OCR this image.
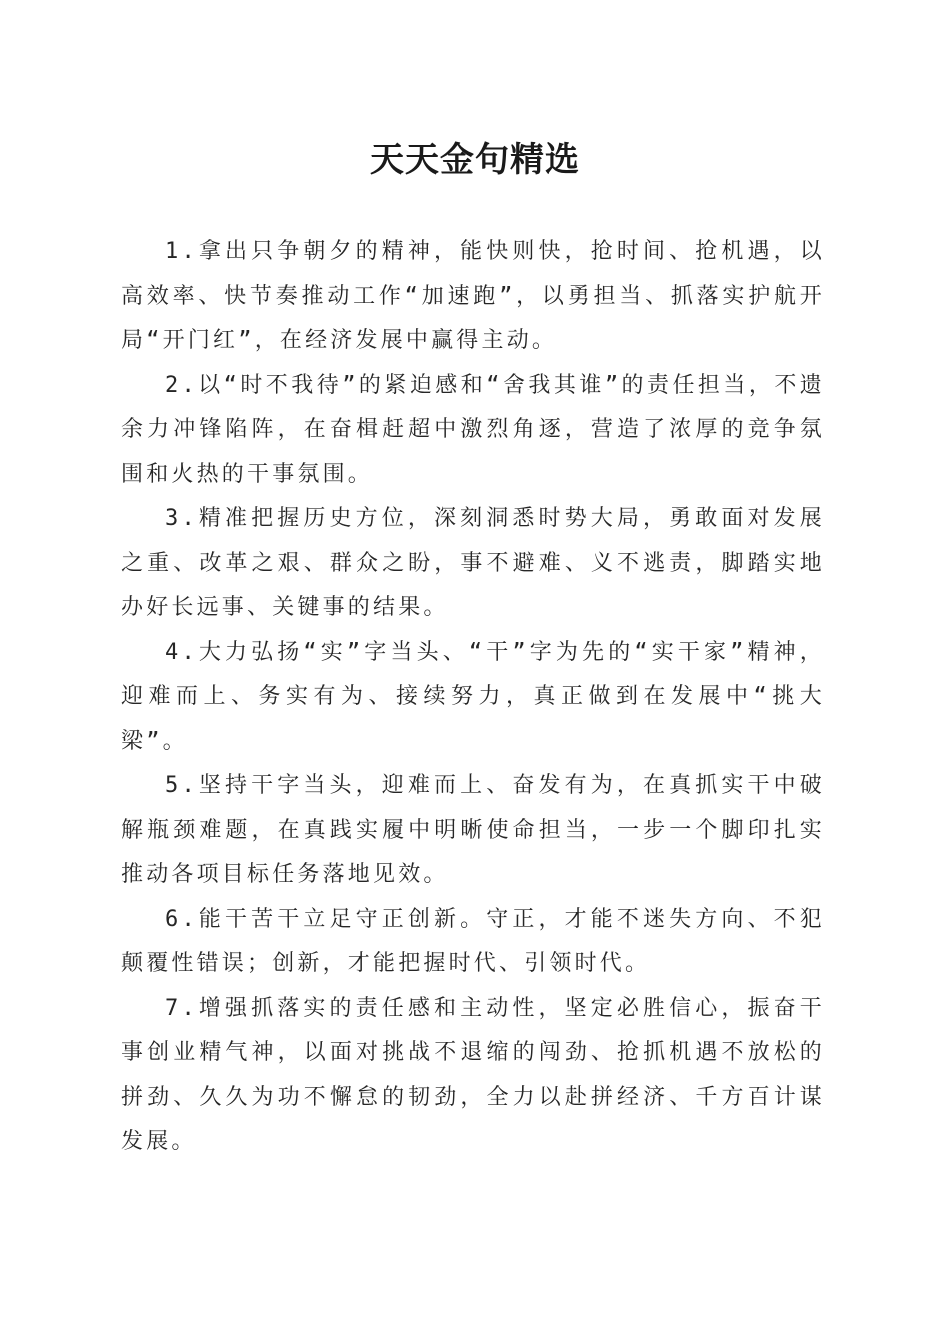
天天金句精选

1.拿出只争朝夕的精神，能快则快，抢时间、抢机遇，以高效率、快节奏推动工作“加速跑”，以勇担当、抓落实护航开局“开门红”，在经济发展中赢得主动。

2.以“时不我待”的紧迫感和“舍我其谁”的责任担当，不遗余力冲锋陷阵，在奋楫赶超中激烈角逐，营造了浓厚的竞争氛围和火热的干事氛围。

3.精准把握历史方位，深刻洞悉时势大局，勇敢面对发展之重、改革之艰、群众之盼，事不避难、义不逃责，脚踏实地办好长远事、关键事的结果。

4.大力弘扬“实”字当头、“干”字为先的“实干家”精神，迎难而上、务实有为、接续努力，真正做到在发展中“挑大梁”。

5.坚持干字当头，迎难而上、奋发有为，在真抓实干中破解瓶颈难题，在真践实履中明晰使命担当，一步一个脚印扎实推动各项目标任务落地见效。

6.能干苦干立足守正创新。守正，才能不迷失方向、不犯颠覆性错误；创新，才能把握时代、引领时代。

7.增强抓落实的责任感和主动性，坚定必胜信心，振奋干事创业精气神，以面对挑战不退缩的闯劲、抢抓机遇不放松的拼劲、久久为功不懈怠的韧劲，全力以赴拼经济、千方百计谋发展。
